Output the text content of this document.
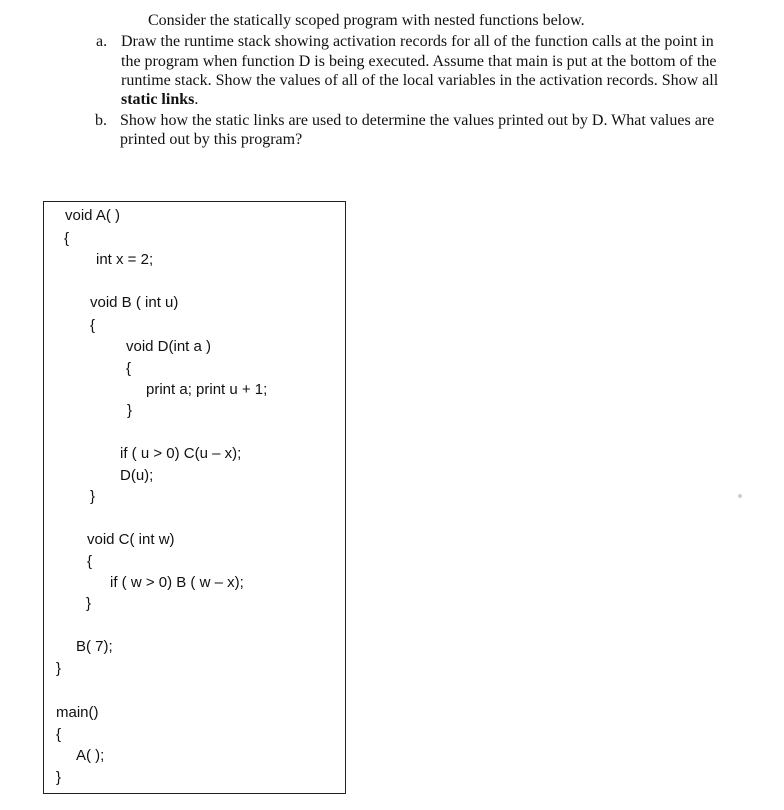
Consider the statically scoped program with nested functions below.
a. Draw the runtime stack showing activation records for all of the function calls at the point in
the program when function D is being executed. Assume that main is put at the bottom of the
runtime stack. Show the values of all of the local variables in the activation records. Show all
static links.
b. Show how the static links are used to determine the values printed out by D. What values are
printed out by this program?
void A( )
{
int x = 2;
void B ( int u)
{
void D(int a )
{
print a; print u + 1;
}
if ( u > 0) C(u – x);
D(u);
}
void C( int w)
{
if ( w > 0) B ( w – x);
}
B( 7);
}
main()
{
A( );
}
